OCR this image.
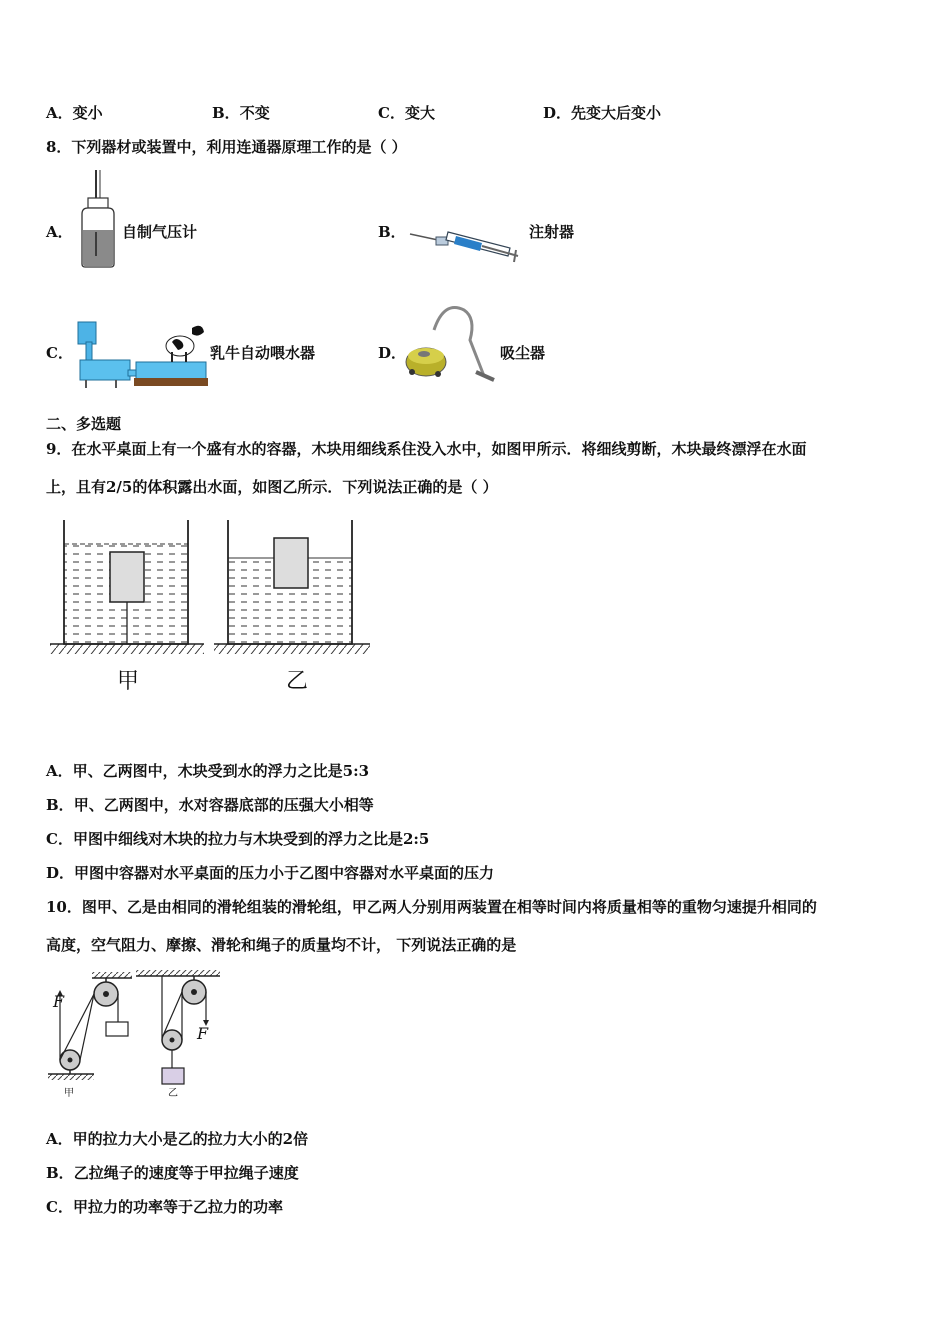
A．变小	B．不变	C．变大	D．先变大后变小
8．下列器材或装置中，利用连通器原理工作的是（ ）
A．	自制气压计	B．	注射器
C．	乳牛自动喂水器	D．	吸尘器
二、多选题
9．在水平桌面上有一个盛有水的容器，木块用细线系住没入水中，如图甲所示．将细线剪断，木块最终漂浮在水面
上，且有2/5的体积露出水面，如图乙所示．下列说法正确的是（ ）
甲	乙
A．甲、乙两图中，木块受到水的浮力之比是5:3
B．甲、乙两图中，水对容器底部的压强大小相等
C．甲图中细线对木块的拉力与木块受到的浮力之比是2:5
D．甲图中容器对水平桌面的压力小于乙图中容器对水平桌面的压力
10．图甲、乙是由相同的滑轮组装的滑轮组，甲乙两人分别用两装置在相等时间内将质量相等的重物匀速提升相同的
高度，空气阻力、摩擦、滑轮和绳子的质量均不计， 下列说法正确的是
F
F
甲	乙
A．甲的拉力大小是乙的拉力大小的2倍
B．乙拉绳子的速度等于甲拉绳子速度
C．甲拉力的功率等于乙拉力的功率
